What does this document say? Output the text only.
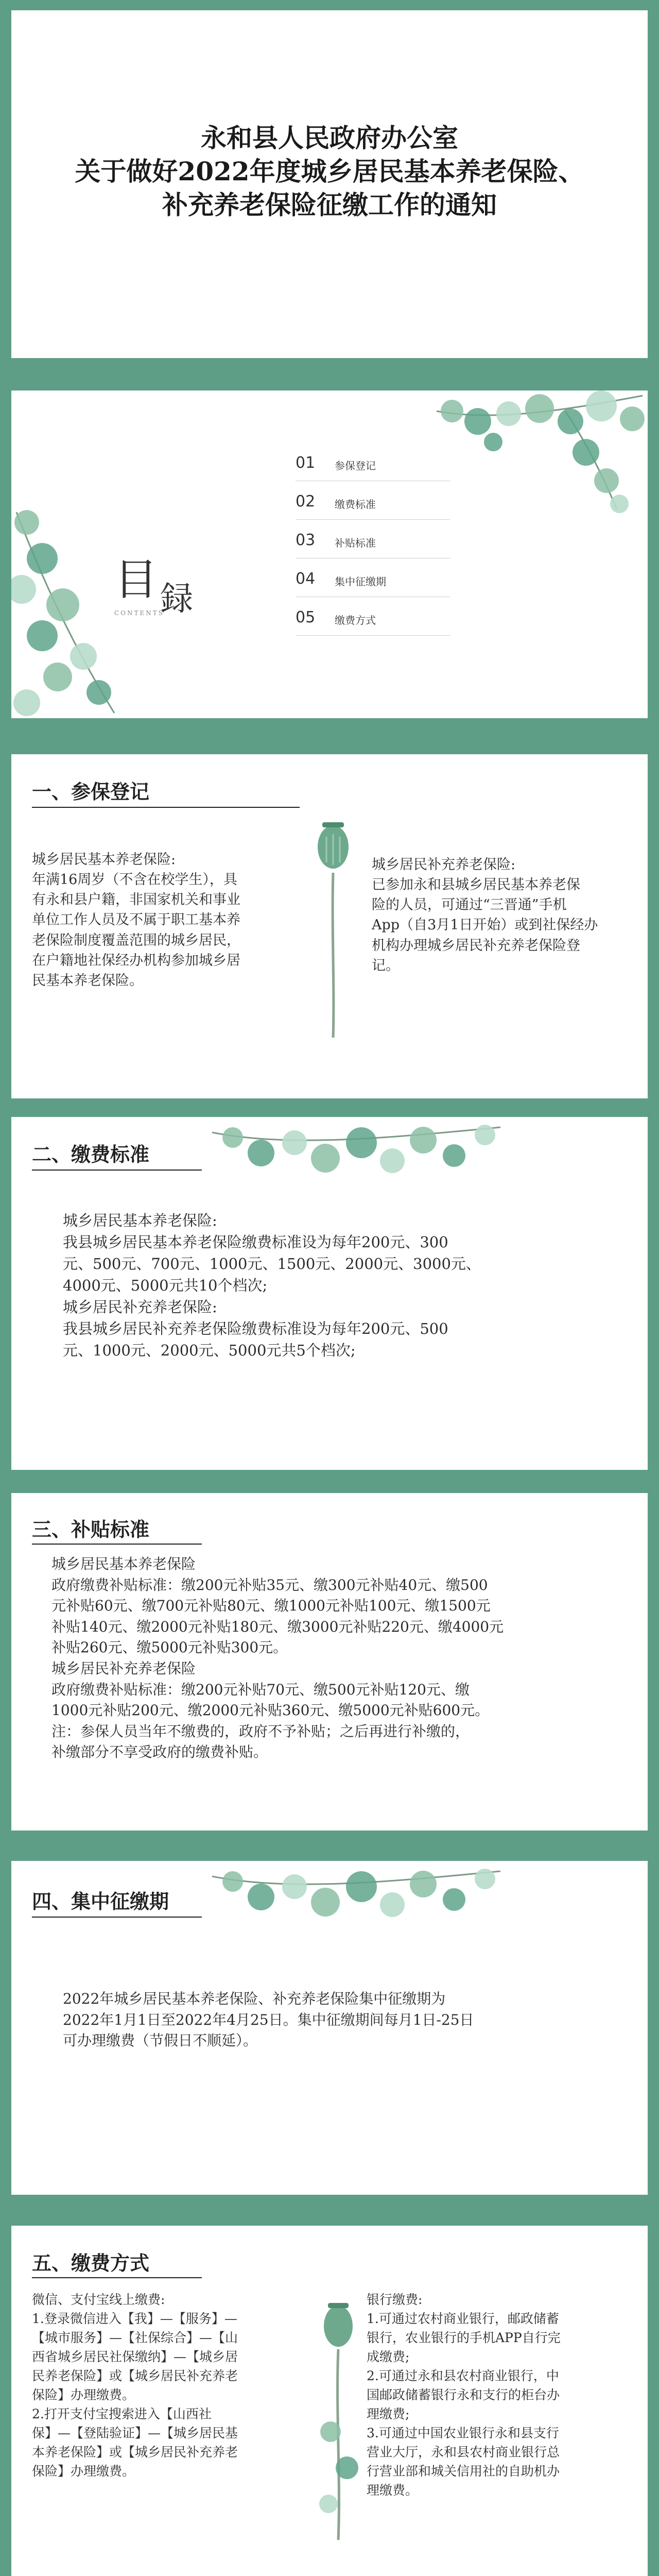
永和县人民政府办公室
关于做好2022年度城乡居民基本养老保险、
补充养老保险征缴工作的通知
目 録
CONTENTS
01 参保登记
02 缴费标准
03 补贴标准
04 集中征缴期
05 缴费方式
一、参保登记
城乡居民基本养老保险:
年满16周岁（不含在校学生），具
有永和县户籍，非国家机关和事业
单位工作人员及不属于职工基本养
老保险制度覆盖范围的城乡居民，
在户籍地社保经办机构参加城乡居
民基本养老保险。
城乡居民补充养老保险:
已参加永和县城乡居民基本养老保
险的人员，可通过“三晋通”手机
App（自3月1日开始）或到社保经办
机构办理城乡居民补充养老保险登
记。
二、缴费标准
城乡居民基本养老保险:
我县城乡居民基本养老保险缴费标准设为每年200元、300
元、500元、700元、1000元、1500元、2000元、3000元、
4000元、5000元共10个档次;
城乡居民补充养老保险:
我县城乡居民补充养老保险缴费标准设为每年200元、500
元、1000元、2000元、5000元共5个档次;
三、补贴标准
城乡居民基本养老保险
政府缴费补贴标准：缴200元补贴35元、缴300元补贴40元、缴500
元补贴60元、缴700元补贴80元、缴1000元补贴100元、缴1500元
补贴140元、缴2000元补贴180元、缴3000元补贴220元、缴4000元
补贴260元、缴5000元补贴300元。
城乡居民补充养老保险
政府缴费补贴标准：缴200元补贴70元、缴500元补贴120元、缴
1000元补贴200元、缴2000元补贴360元、缴5000元补贴600元。
注：参保人员当年不缴费的，政府不予补贴；之后再进行补缴的，
补缴部分不享受政府的缴费补贴。
四、集中征缴期
2022年城乡居民基本养老保险、补充养老保险集中征缴期为
2022年1月1日至2022年4月25日。集中征缴期间每月1日-25日
可办理缴费（节假日不顺延）。
五、缴费方式
微信、支付宝线上缴费:
1.登录微信进入【我】—【服务】—
【城市服务】—【社保综合】—【山
西省城乡居民社保缴纳】—【城乡居
民养老保险】或【城乡居民补充养老
保险】办理缴费。
2.打开支付宝搜索进入【山西社
保】—【登陆验证】—【城乡居民基
本养老保险】或【城乡居民补充养老
保险】办理缴费。
银行缴费:
1.可通过农村商业银行，邮政储蓄
银行，农业银行的手机APP自行完
成缴费;
2.可通过永和县农村商业银行，中
国邮政储蓄银行永和支行的柜台办
理缴费;
3.可通过中国农业银行永和县支行
营业大厅，永和县农村商业银行总
行营业部和城关信用社的自助机办
理缴费。
